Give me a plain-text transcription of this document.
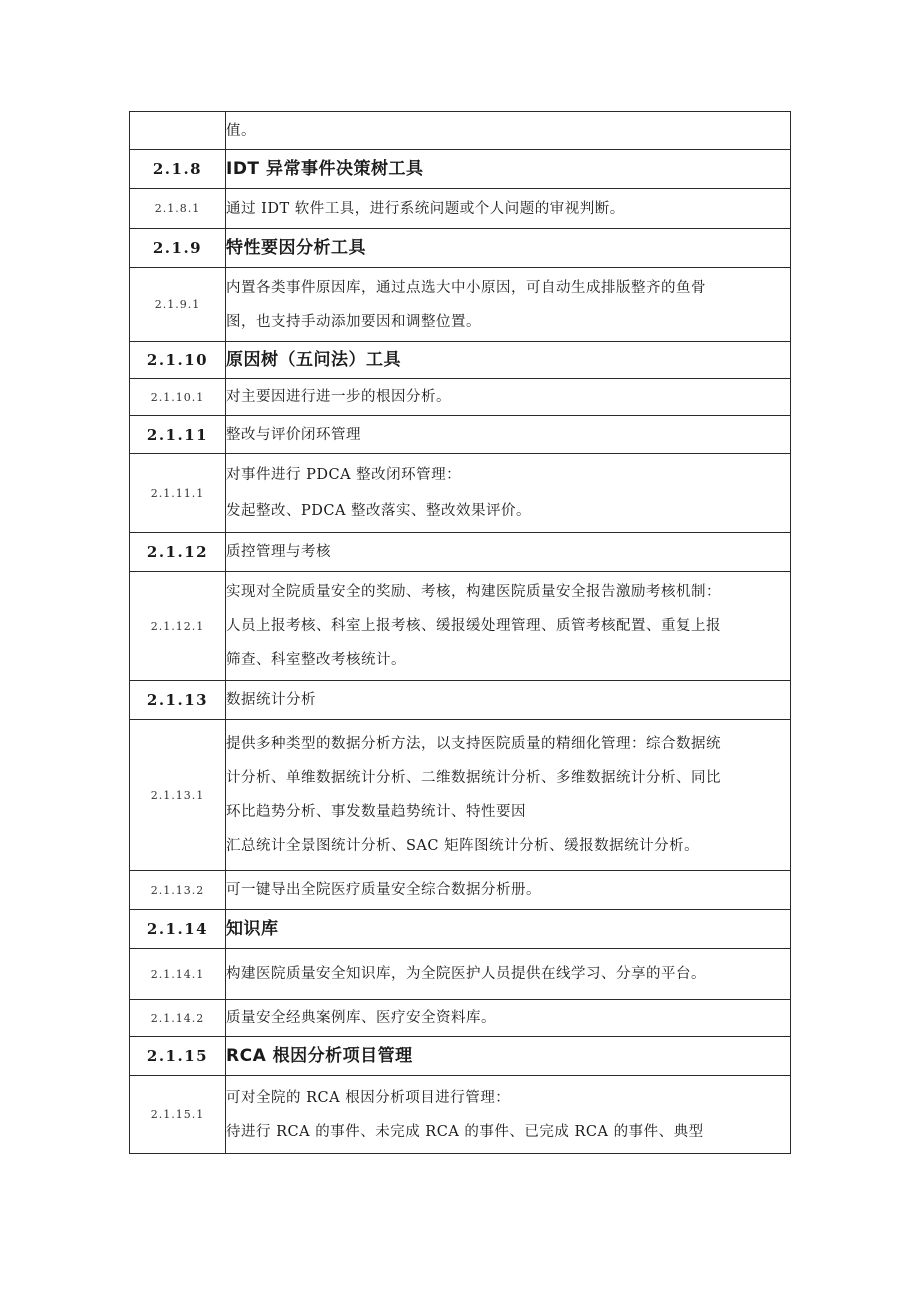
	值。

2.1.8	IDT 异常事件决策树工具

2.1.8.1	通过 IDT 软件工具，进行系统问题或个人问题的审视判断。

2.1.9	特性要因分析工具

2.1.9.1	内置各类事件原因库，通过点选大中小原因，可自动生成排版整齐的鱼骨
图，也支持手动添加要因和调整位置。

2.1.10	原因树（五问法）工具

2.1.10.1	对主要因进行进一步的根因分析。

2.1.11	整改与评价闭环管理

2.1.11.1	对事件进行 PDCA 整改闭环管理：
发起整改、PDCA 整改落实、整改效果评价。

2.1.12	质控管理与考核

2.1.12.1	实现对全院质量安全的奖励、考核，构建医院质量安全报告激励考核机制：
人员上报考核、科室上报考核、缓报缓处理管理、质管考核配置、重复上报
筛查、科室整改考核统计。

2.1.13	数据统计分析

2.1.13.1	提供多种类型的数据分析方法，以支持医院质量的精细化管理：综合数据统
计分析、单维数据统计分析、二维数据统计分析、多维数据统计分析、同比
环比趋势分析、事发数量趋势统计、特性要因
汇总统计全景图统计分析、SAC 矩阵图统计分析、缓报数据统计分析。

2.1.13.2	可一键导出全院医疗质量安全综合数据分析册。

2.1.14	知识库

2.1.14.1	构建医院质量安全知识库，为全院医护人员提供在线学习、分享的平台。

2.1.14.2	质量安全经典案例库、医疗安全资料库。

2.1.15	RCA 根因分析项目管理

2.1.15.1	可对全院的 RCA 根因分析项目进行管理：
待进行 RCA 的事件、未完成 RCA 的事件、已完成 RCA 的事件、典型
